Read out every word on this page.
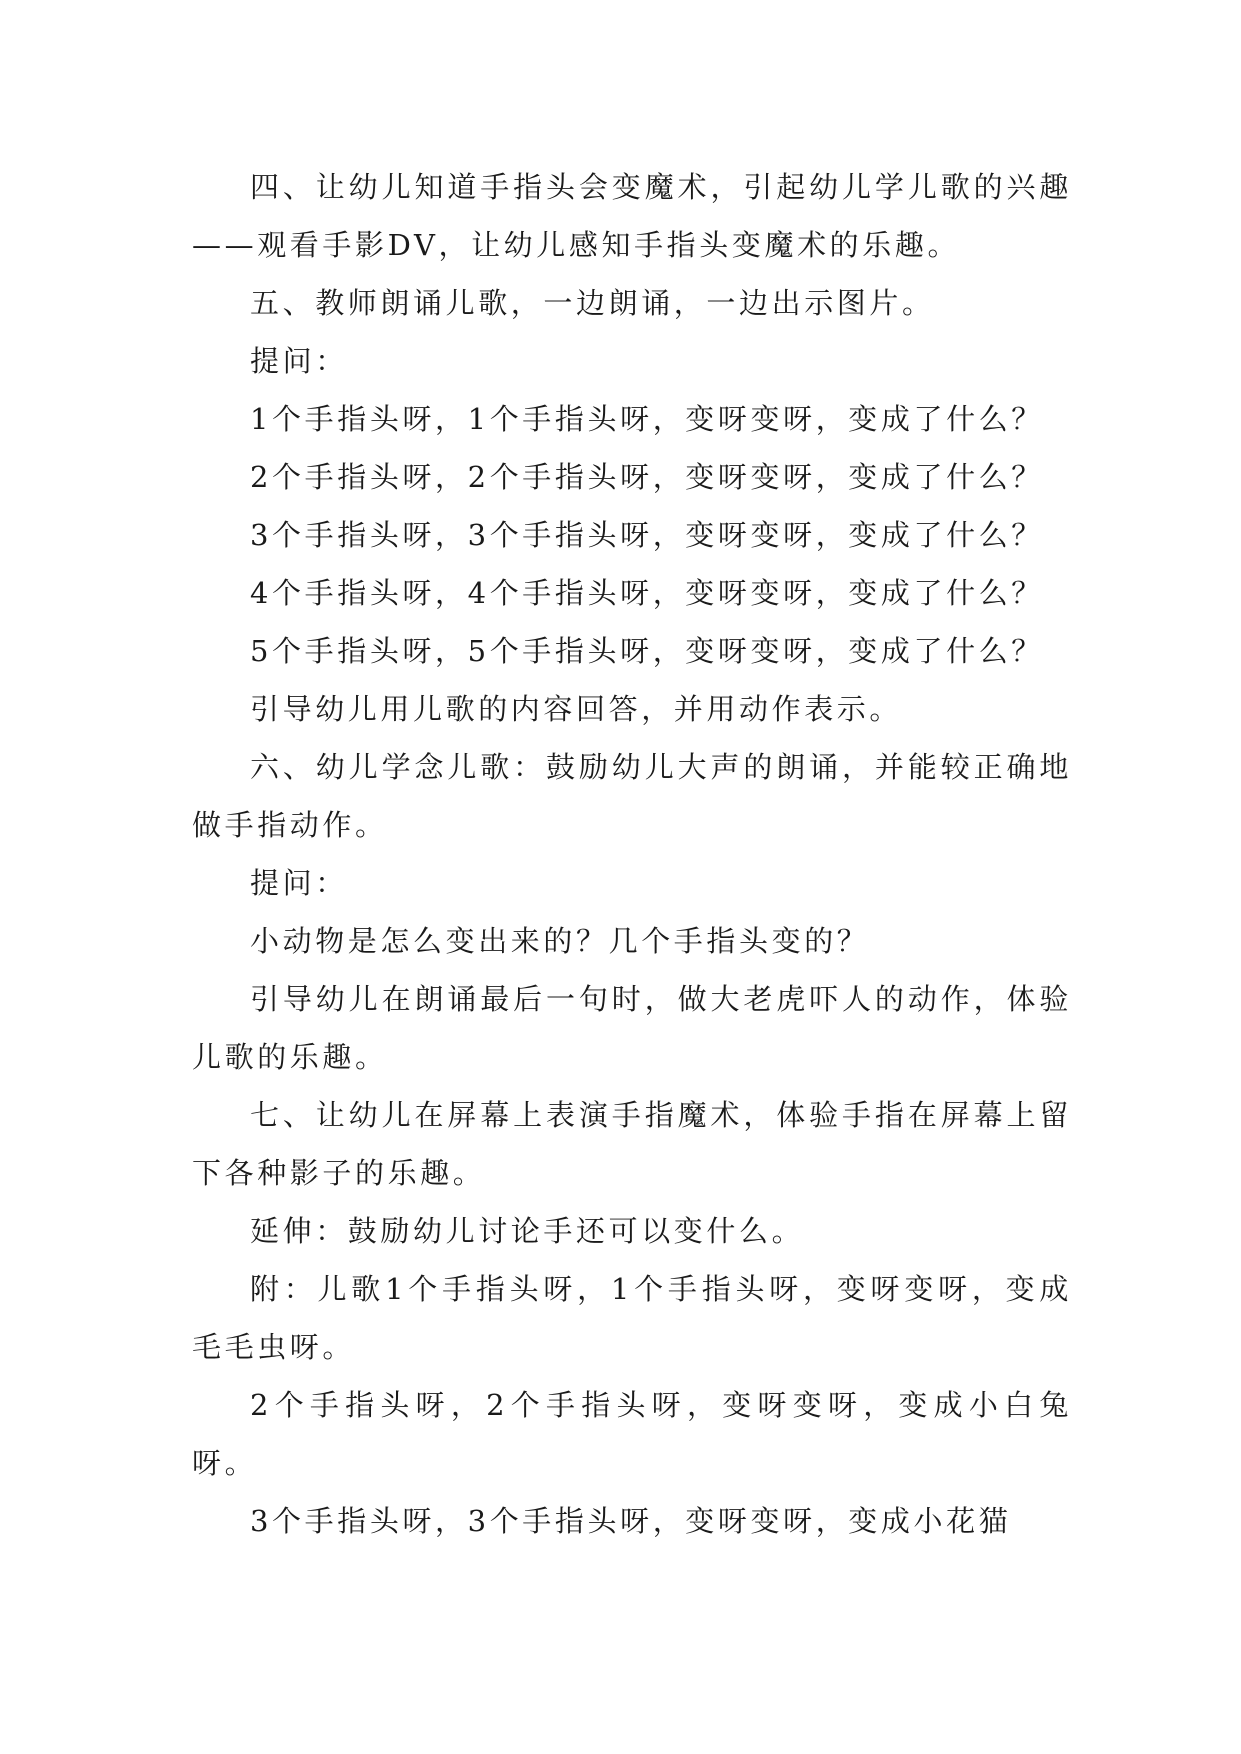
四、让幼儿知道手指头会变魔术，引起幼儿学儿歌的兴趣——观看手影DV，让幼儿感知手指头变魔术的乐趣。

五、教师朗诵儿歌，一边朗诵，一边出示图片。

提问：

1个手指头呀，1个手指头呀，变呀变呀，变成了什么？

2个手指头呀，2个手指头呀，变呀变呀，变成了什么？

3个手指头呀，3个手指头呀，变呀变呀，变成了什么？

4个手指头呀，4个手指头呀，变呀变呀，变成了什么？

5个手指头呀，5个手指头呀，变呀变呀，变成了什么？

引导幼儿用儿歌的内容回答，并用动作表示。

六、幼儿学念儿歌：鼓励幼儿大声的朗诵，并能较正确地做手指动作。

提问：

小动物是怎么变出来的？几个手指头变的？

引导幼儿在朗诵最后一句时，做大老虎吓人的动作，体验儿歌的乐趣。

七、让幼儿在屏幕上表演手指魔术，体验手指在屏幕上留下各种影子的乐趣。

延伸：鼓励幼儿讨论手还可以变什么。

附：儿歌1个手指头呀，1个手指头呀，变呀变呀，变成毛毛虫呀。

2个手指头呀，2个手指头呀，变呀变呀，变成小白兔呀。

3个手指头呀，3个手指头呀，变呀变呀，变成小花猫
